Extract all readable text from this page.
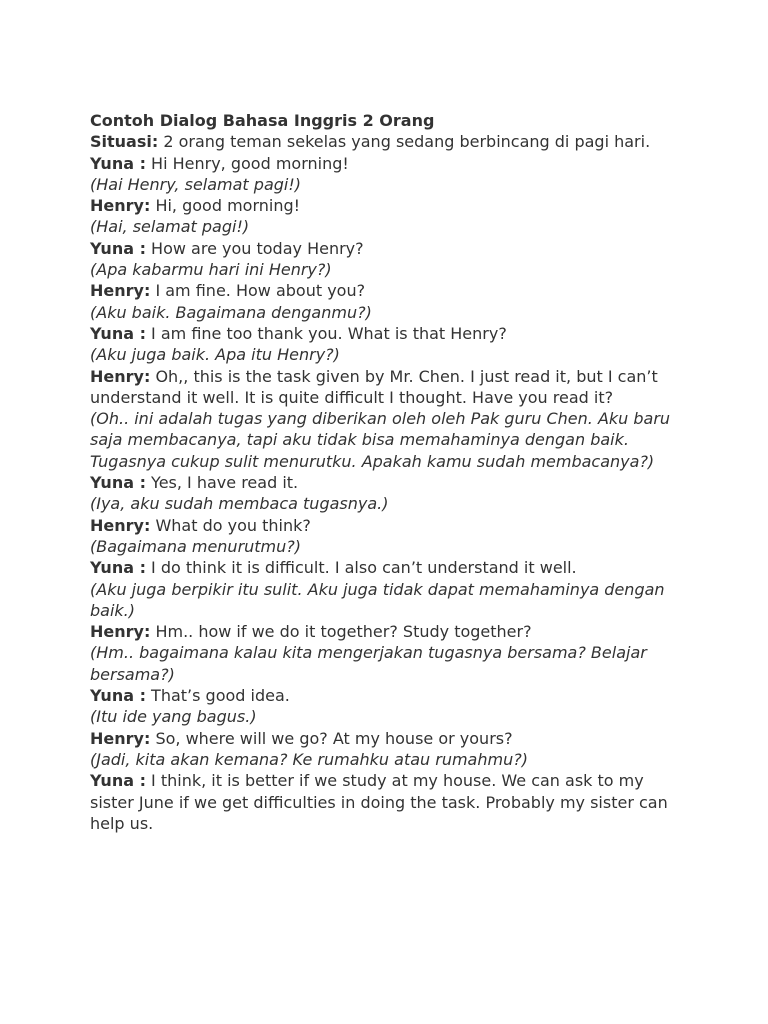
Contoh Dialog Bahasa Inggris 2 Orang

Situasi: 2 orang teman sekelas yang sedang berbincang di pagi hari.

Yuna : Hi Henry, good morning!

(Hai Henry, selamat pagi!)

Henry: Hi, good morning!

(Hai, selamat pagi!)

Yuna : How are you today Henry?

(Apa kabarmu hari ini Henry?)

Henry: I am fine. How about you?

(Aku baik. Bagaimana denganmu?)

Yuna : I am fine too thank you. What is that Henry?

(Aku juga baik. Apa itu Henry?)

Henry: Oh,, this is the task given by Mr. Chen. I just read it, but I can’t understand it well. It is quite difficult I thought. Have you read it?

(Oh.. ini adalah tugas yang diberikan oleh oleh Pak guru Chen. Aku baru saja membacanya, tapi aku tidak bisa memahaminya dengan baik. Tugasnya cukup sulit menurutku. Apakah kamu sudah membacanya?)

Yuna : Yes, I have read it.

(Iya, aku sudah membaca tugasnya.)

Henry: What do you think?

(Bagaimana menurutmu?)

Yuna : I do think it is difficult. I also can’t understand it well.

(Aku juga berpikir itu sulit. Aku juga tidak dapat memahaminya dengan baik.)

Henry: Hm.. how if we do it together? Study together?

(Hm.. bagaimana kalau kita mengerjakan tugasnya bersama? Belajar bersama?)

Yuna : That’s good idea.

(Itu ide yang bagus.)

Henry: So, where will we go? At my house or yours?

(Jadi, kita akan kemana? Ke rumahku atau rumahmu?)

Yuna : I think, it is better if we study at my house. We can ask to my sister June if we get difficulties in doing the task. Probably my sister can help us.
